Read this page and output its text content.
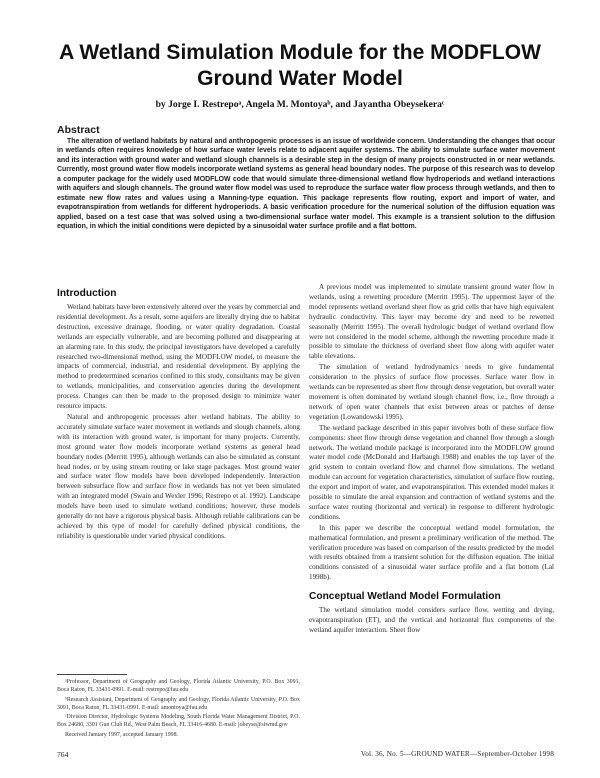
A Wetland Simulation Module for the MODFLOW
Ground Water Model
by Jorge I. Restrepoᵃ, Angela M. Montoyaᵇ, and Jayantha Obeysekeraᶜ
Abstract
The alteration of wetland habitats by natural and anthropogenic processes is an issue of worldwide concern. Understanding the changes that occur in wetlands often requires knowledge of how surface water levels relate to adjacent aquifer systems. The ability to simulate surface water movement and its interaction with ground water and wetland slough channels is a desirable step in the design of many projects constructed in or near wetlands. Currently, most ground water flow models incorporate wetland systems as general head boundary nodes. The purpose of this research was to develop a computer package for the widely used MODFLOW code that would simulate three-dimensional wetland flow hydroperiods and wetland interactions with aquifers and slough channels. The ground water flow model was used to reproduce the surface water flow process through wetlands, and then to estimate new flow rates and values using a Manning-type equation. This package represents flow routing, export and import of water, and evapotranspiration from wetlands for different hydroperiods. A basic verification procedure for the numerical solution of the diffusion equation was applied, based on a test case that was solved using a two-dimensional surface water model. This example is a transient solution to the diffusion equation, in which the initial conditions were depicted by a sinusoidal water surface profile and a flat bottom.
Introduction

Wetland habitats have been extensively altered over the years by commercial and residential development. As a result, some aquifers are literally drying due to habitat destruction, excessive drainage, flooding, or water quality degradation. Coastal wetlands are especially vulnerable, and are becoming polluted and disappearing at an alarming rate. In this study, the principal investigators have developed a carefully researched two-dimensional method, using the MODFLOW model, to measure the impacts of commercial, industrial, and residential development. By applying the method to predetermined scenarios confined to this study, consultants may be given to wetlands, municipalities, and conservation agencies during the development process. Changes can then be made to the proposed design to minimize water resource impacts.

Natural and anthropogenic processes alter wetland habitats. The ability to accurately simulate surface water movement in wetlands and slough channels, along with its interaction with ground water, is important for many projects. Currently, most ground water flow models incorporate wetland systems as general head boundary nodes (Merritt 1995), although wetlands can also be simulated as constant head nodes, or by using stream routing or lake stage packages. Most ground water and surface water flow models have been developed independently. Interaction between subsurface flow and surface flow in wetlands has not yet been simulated with an integrated model (Swain and Wexler 1996; Restrepo et al. 1992). Landscape models have been used to simulate wetland conditions; however, these models generally do not have a rigorous physical basis. Although reliable calibrations can be achieved by this type of model for carefully defined physical conditions, the reliability is questionable under varied physical conditions.

ᵃProfessor, Department of Geography and Geology, Florida Atlantic University, P.O. Box 3091, Boca Raton, FL 33431-0991. E-mail: restrepo@fau.edu

ᵇResearch Assistant, Department of Geography and Geology, Florida Atlantic University, P.O. Box 3091, Boca Raton, FL 33431-0991. E-mail: amontoya@fau.edu

ᶜDivision Director, Hydrologic Systems Modeling, South Florida Water Management District, P.O. Box 24680, 3301 Gun Club Rd., West Palm Beach, FL 33416-4680. E-mail: jobeyse@sfwmd.gov

Received January 1997, accepted January 1998.

A previous model was implemented to simulate transient ground water flow in wetlands, using a rewetting procedure (Merritt 1995). The uppermost layer of the model represents wetland overland sheet flow as grid cells that have high equivalent hydraulic conductivity. This layer may become dry and need to be rewetted seasonally (Merritt 1995). The overall hydrologic budget of wetland overland flow were not considered in the model scheme, although the rewetting procedure made it possible to simulate the thickness of overland sheet flow along with aquifer water table elevations.

The simulation of wetland hydrodynamics needs to give fundamental consideration to the physics of surface flow processes. Surface water flow in wetlands can be represented as sheet flow through dense vegetation, but overall water movement is often dominated by wetland slough channel flow, i.e., flow through a network of open water channels that exist between areas or patches of dense vegetation (Lowandowski 1995).

The wetland package described in this paper involves both of these surface flow components: sheet flow through dense vegetation and channel flow through a slough network. The wetland module package is incorporated into the MODFLOW ground water model code (McDonald and Harbaugh 1988) and enables the top layer of the grid system to contain overland flow and channel flow simulations. The wetland module can account for vegetation characteristics, simulation of surface flow routing, the export and import of water, and evapotranspiration. This extended model makes it possible to simulate the areal expansion and contraction of wetland systems and the surface water routing (horizontal and vertical) in response to different hydrologic conditions.

In this paper we describe the conceptual wetland model formulation, the mathematical formulation, and present a preliminary verification of the method. The verification procedure was based on comparison of the results predicted by the model with results obtained from a transient solution for the diffusion equation. The initial conditions consisted of a sinusoidal water surface profile and a flat bottom (Lal 1998b).

Conceptual Wetland Model Formulation

The wetland simulation model considers surface flow, wetting and drying, evapotranspiration (ET), and the vertical and horizontal flux components of the wetland aquifer interaction. Sheet flow

764	Vol. 36, No. 5—GROUND WATER—September-October 1998
